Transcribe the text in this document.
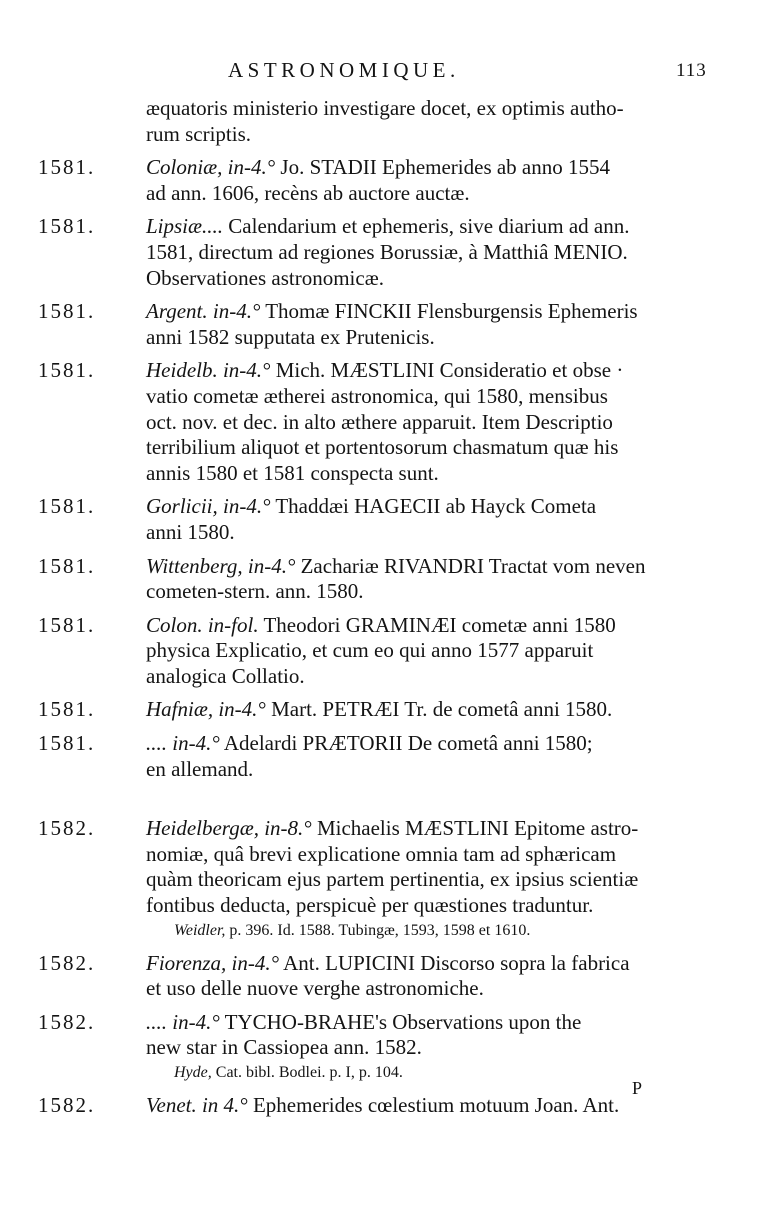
ASTRONOMIQUE.	113
æquatoris ministerio investigare docet, ex optimis autho-
rum scriptis.
1581. Coloniæ, in-4.° Jo. STADII Ephemerides ab anno 1554
ad ann. 1606, recèns ab auctore auctæ.
1581. Lipsiæ.... Calendarium et ephemeris, sive diarium ad ann.
1581, directum ad regiones Borussiæ, à Matthiâ MENIO.
Observationes astronomicæ.
1581. Argent. in-4.° Thomæ FINCKII Flensburgensis Ephemeris
anni 1582 supputata ex Prutenicis.
1581. Heidelb. in-4.° Mich. MÆSTLINI Consideratio et obse ·
vatio cometæ ætherei astronomica, qui 1580, mensibus
oct. nov. et dec. in alto æthere apparuit. Item Descriptio
terribilium aliquot et portentosorum chasmatum quæ his
annis 1580 et 1581 conspecta sunt.
1581. Gorlicii, in-4.° Thaddæi HAGECII ab Hayck Cometa
anni 1580.
1581. Wittenberg, in-4.° Zachariæ RIVANDRI Tractat vom neven
cometen-stern. ann. 1580.
1581. Colon. in-fol. Theodori GRAMINÆI cometæ anni 1580
physica Explicatio, et cum eo qui anno 1577 apparuit
analogica Collatio.
1581. Hafniæ, in-4.° Mart. PETRÆI Tr. de cometâ anni 1580.
1581. .... in-4.° Adelardi PRÆTORII De cometâ anni 1580;
en allemand.
1582. Heidelbergæ, in-8.° Michaelis MÆSTLINI Epitome astro-
nomiæ, quâ brevi explicatione omnia tam ad sphæricam
quàm theoricam ejus partem pertinentia, ex ipsius scientiæ
fontibus deducta, perspicuè per quæstiones traduntur.
Weidler, p. 396. Id. 1588. Tubingæ, 1593, 1598 et 1610.
1582. Fiorenza, in-4.° Ant. LUPICINI Discorso sopra la fabrica
et uso delle nuove verghe astronomiche.
1582. .... in-4.° TYCHO-BRAHE's Observations upon the
new star in Cassiopea ann. 1582.
Hyde, Cat. bibl. Bodlei. p. I, p. 104.
1582. Venet. in 4.° Ephemerides cœlestium motuum Joan. Ant.
P
